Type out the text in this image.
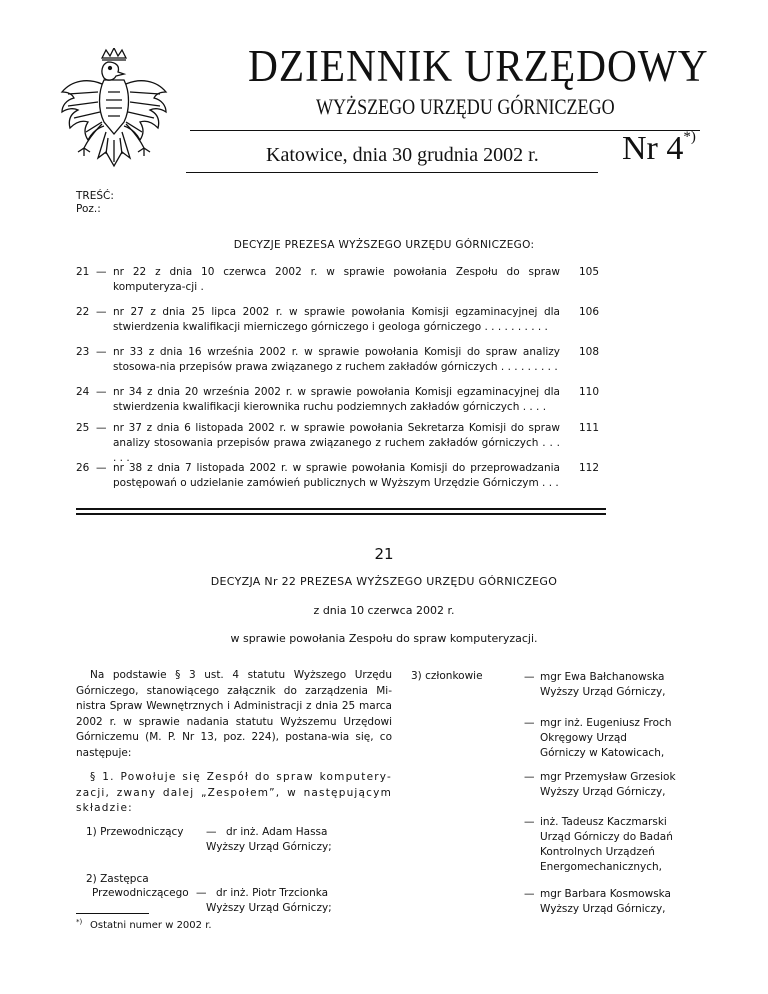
DZIENNIK URZĘDOWY
WYŻSZEGO URZĘDU GÓRNICZEGO
Katowice, dnia 30 grudnia 2002 r. Nr 4*)
TREŚĆ:
Poz.:
DECYZJE PREZESA WYŻSZEGO URZĘDU GÓRNICZEGO:
21 — nr 22 z dnia 10 czerwca 2002 r. w sprawie powołania Zespołu do spraw komputeryza-cji .
105
22 — nr 27 z dnia 25 lipca 2002 r. w sprawie powołania Komisji egzaminacyjnej dla stwierdzenia kwalifikacji mierniczego górniczego i geologa górniczego . . . . . . . . . .
106
23 — nr 33 z dnia 16 września 2002 r. w sprawie powołania Komisji do spraw analizy stosowa-nia przepisów prawa związanego z ruchem zakładów górniczych . . . . . . . . .
108
24 — nr 34 z dnia 20 września 2002 r. w sprawie powołania Komisji egzaminacyjnej dla stwierdzenia kwalifikacji kierownika ruchu podziemnych zakładów górniczych . . . .
110
25 — nr 37 z dnia 6 listopada 2002 r. w sprawie powołania Sekretarza Komisji do spraw analizy stosowania przepisów prawa związanego z ruchem zakładów górniczych . . . . . .
111
26 — nr 38 z dnia 7 listopada 2002 r. w sprawie powołania Komisji do przeprowadzania postępowań o udzielanie zamówień publicznych w Wyższym Urzędzie Górniczym . . .
112
21
DECYZJA Nr 22 PREZESA WYŻSZEGO URZĘDU GÓRNICZEGO
z dnia 10 czerwca 2002 r.
w sprawie powołania Zespołu do spraw komputeryzacji.
Na podstawie § 3 ust. 4 statutu Wyższego Urzędu Górniczego, stanowiącego załącznik do zarządzenia Mi-nistra Spraw Wewnętrznych i Administracji z dnia 25 marca 2002 r. w sprawie nadania statutu Wyższemu Urzędowi Górniczemu (M. P. Nr 13, poz. 224), postana-wia się, co następuje:
§ 1. Powołuje się Zespół do spraw komputery-zacji, zwany dalej „Zespołem”, w następującym składzie:
1) Przewodniczący — dr inż. Adam Hassa
Wyższy Urząd Górniczy;
2) Zastępca
Przewodniczącego — dr inż. Piotr Trzcionka
Wyższy Urząd Górniczy;
3) członkowie	— mgr Ewa Bałchanowska
Wyższy Urząd Górniczy,
— mgr inż. Eugeniusz Froch
Okręgowy Urząd
Górniczy w Katowicach,
— mgr Przemysław Grzesiok
Wyższy Urząd Górniczy,
— inż. Tadeusz Kaczmarski
Urząd Górniczy do Badań
Kontrolnych Urządzeń
Energomechanicznych,
— mgr Barbara Kosmowska
Wyższy Urząd Górniczy,
*) Ostatni numer w 2002 r.
